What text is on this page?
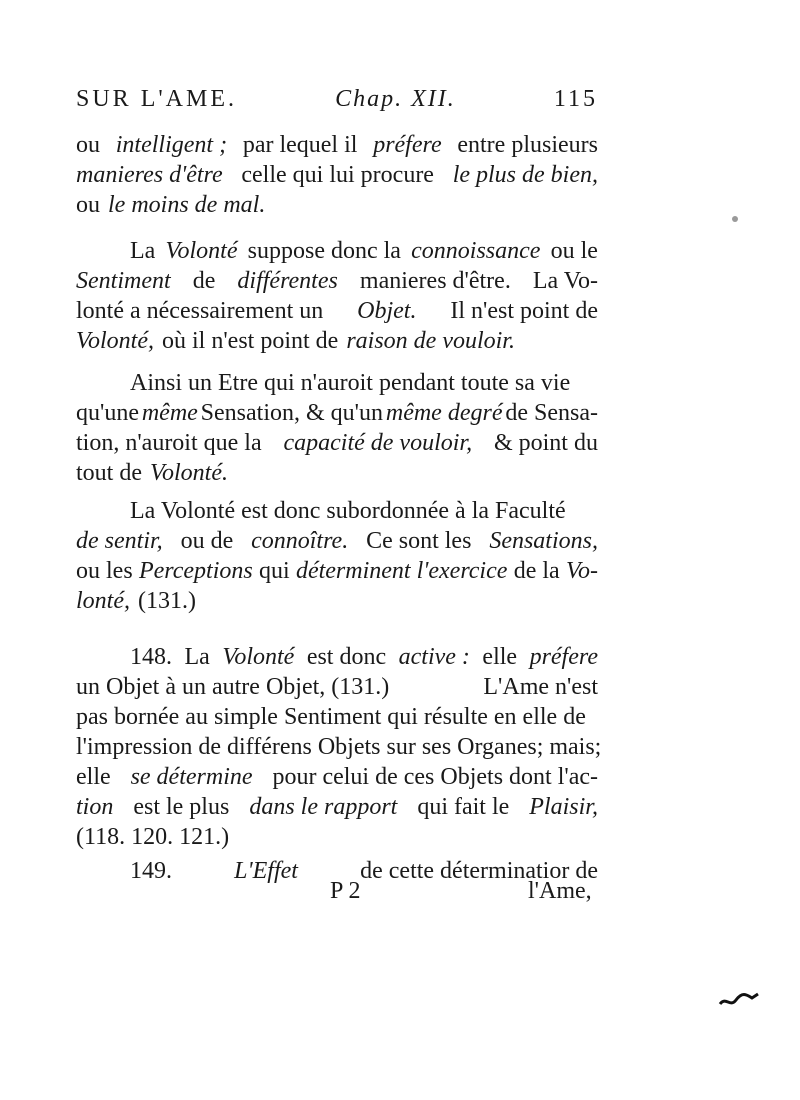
SUR L'AME.	Chap. XII.	115
ou intelligent ; par lequel il préfere entre plusieurs
manieres d'être celle qui lui procure le plus de bien,
ou le moins de mal.
La Volonté suppose donc la connoissance ou le
Sentiment de différentes manieres d'être. La Vo-
lonté a nécessairement un Objet. Il n'est point de
Volonté, où il n'est point de raison de vouloir.
Ainsi un Etre qui n'auroit pendant toute sa vie
qu'une même Sensation, & qu'un même degré de Sensa-
tion, n'auroit que la capacité de vouloir, & point du
tout de Volonté.
La Volonté est donc subordonnée à la Faculté
de sentir, ou de connoître. Ce sont les Sensations,
ou les Perceptions qui déterminent l'exercice de la Vo-
lonté, (131.)
148. La Volonté est donc active : elle préfere
un Objet à un autre Objet, (131.)	L'Ame n'est
pas bornée au simple Sentiment qui résulte en elle de
l'impression de différens Objets sur ses Organes; mais;
elle se détermine pour celui de ces Objets dont l'ac-
tion est le plus dans le rapport qui fait le Plaisir,
(118. 120. 121.)
149.	L'Effet	de cette déterminatior de
P 2	l'Ame,
